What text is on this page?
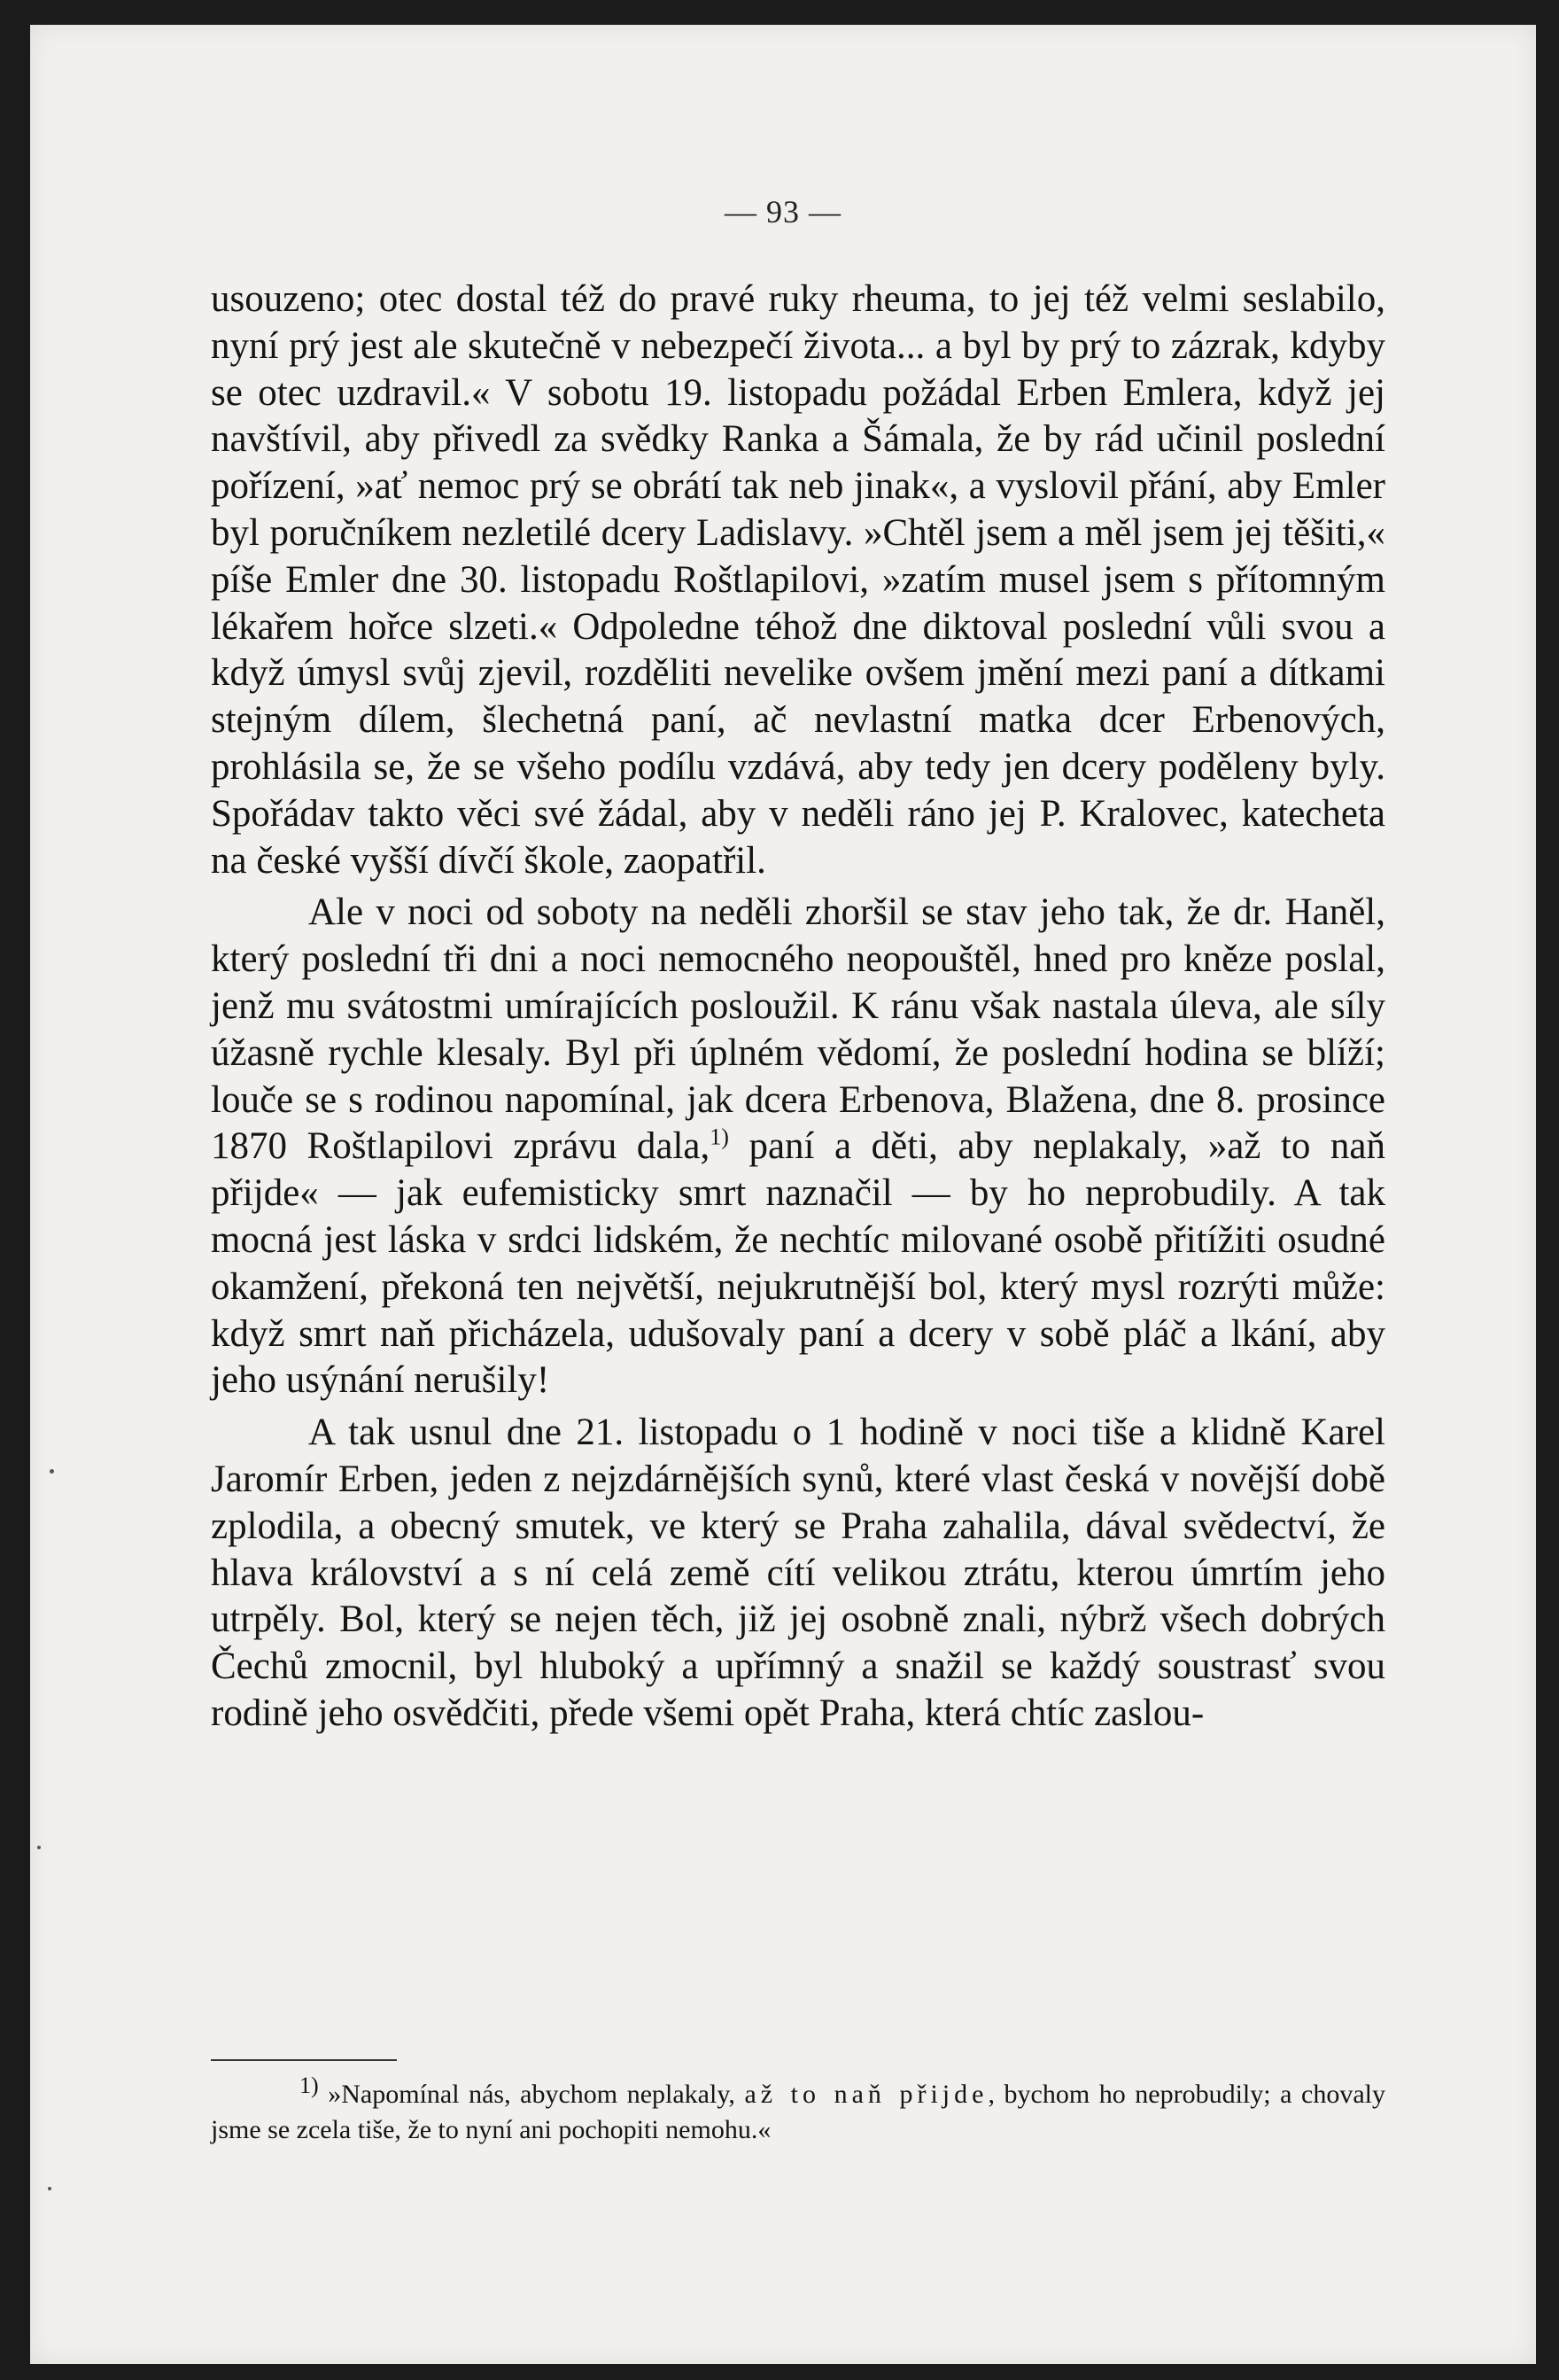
— 93 —

usouzeno; otec dostal též do pravé ruky rheuma, to jej též velmi seslabilo, nyní prý jest ale skutečně v nebezpečí života... a byl by prý to zázrak, kdyby se otec uzdravil.« V sobotu 19. listopadu požádal Erben Emlera, když jej navštívil, aby přivedl za svědky Ranka a Šámala, že by rád učinil poslední pořízení, »ať nemoc prý se obrátí tak neb jinak«, a vyslovil přání, aby Emler byl poručníkem nezletilé dcery Ladislavy. »Chtěl jsem a měl jsem jej těšiti,« píše Emler dne 30. listopadu Roštlapilovi, »zatím musel jsem s přítomným lékařem hořce slzeti.« Odpoledne téhož dne diktoval poslední vůli svou a když úmysl svůj zjevil, rozděliti nevelike ovšem jmění mezi paní a dítkami stejným dílem, šlechetná paní, ač nevlastní matka dcer Erbenových, prohlásila se, že se všeho podílu vzdává, aby tedy jen dcery poděleny byly. Spořádav takto věci své žádal, aby v neděli ráno jej P. Kralovec, katecheta na české vyšší dívčí škole, zaopatřil.

Ale v noci od soboty na neděli zhoršil se stav jeho tak, že dr. Haněl, který poslední tři dni a noci nemocného neopouštěl, hned pro kněze poslal, jenž mu svátostmi umírajících posloužil. K ránu však nastala úleva, ale síly úžasně rychle klesaly. Byl při úplném vědomí, že poslední hodina se blíží; louče se s rodinou napomínal, jak dcera Erbenova, Blažena, dne 8. prosince 1870 Roštlapilovi zprávu dala,$^{1)}$ paní a děti, aby neplakaly, »až to naň přijde« — jak eufemisticky smrt naznačil — by ho neprobudily. A tak mocná jest láska v srdci lidském, že nechtíc milované osobě přitížiti osudné okamžení, překoná ten největší, nejukrutnější bol, který mysl rozrýti může: když smrt naň přicházela, udušovaly paní a dcery v sobě pláč a lkání, aby jeho usýnání nerušily!

A tak usnul dne 21. listopadu o 1 hodině v noci tiše a klidně Karel Jaromír Erben, jeden z nejzdárnějších synů, které vlast česká v novější době zplodila, a obecný smutek, ve který se Praha zahalila, dával svědectví, že hlava království a s ní celá země cítí velikou ztrátu, kterou úmrtím jeho utrpěly. Bol, který se nejen těch, již jej osobně znali, nýbrž všech dobrých Čechů zmocnil, byl hluboký a upřímný a snažil se každý soustrasť svou rodině jeho osvědčiti, přede všemi opět Praha, která chtíc zaslou-

1) »Napomínal nás, abychom neplakaly, až to naň přijde, bychom ho neprobudily; a chovaly jsme se zcela tiše, že to nyní ani pochopiti nemohu.«
